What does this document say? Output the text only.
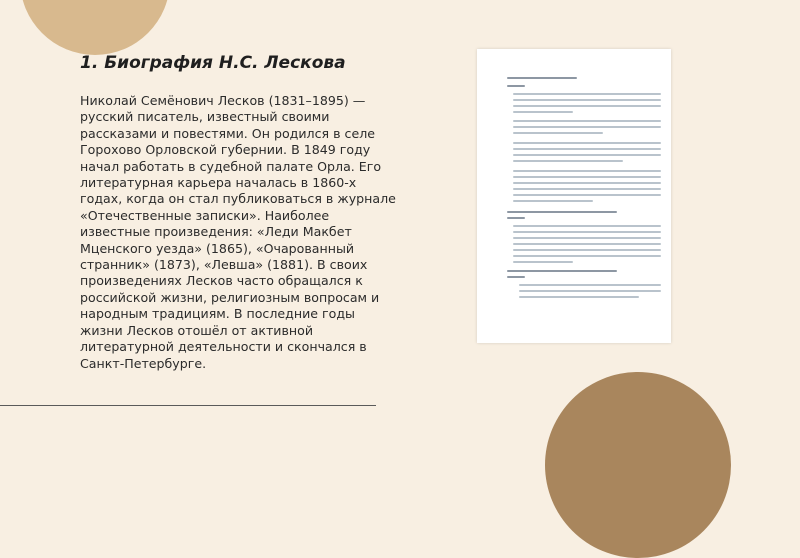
1. Биография Н.С. Лескова

Николай Семёнович Лесков (1831–1895) — русский писатель, известный своими рассказами и повестями. Он родился в селе Горохово Орловской губернии. В 1849 году начал работать в судебной палате Орла. Его литературная карьера началась в 1860-х годах, когда он стал публиковаться в журнале «Отечественные записки». Наиболее известные произведения: «Леди Макбет Мценского уезда» (1865), «Очарованный странник» (1873), «Левша» (1881). В своих произведениях Лесков часто обращался к российской жизни, религиозным вопросам и народным традициям. В последние годы жизни Лесков отошёл от активной литературной деятельности и скончался в Санкт-Петербурге.
